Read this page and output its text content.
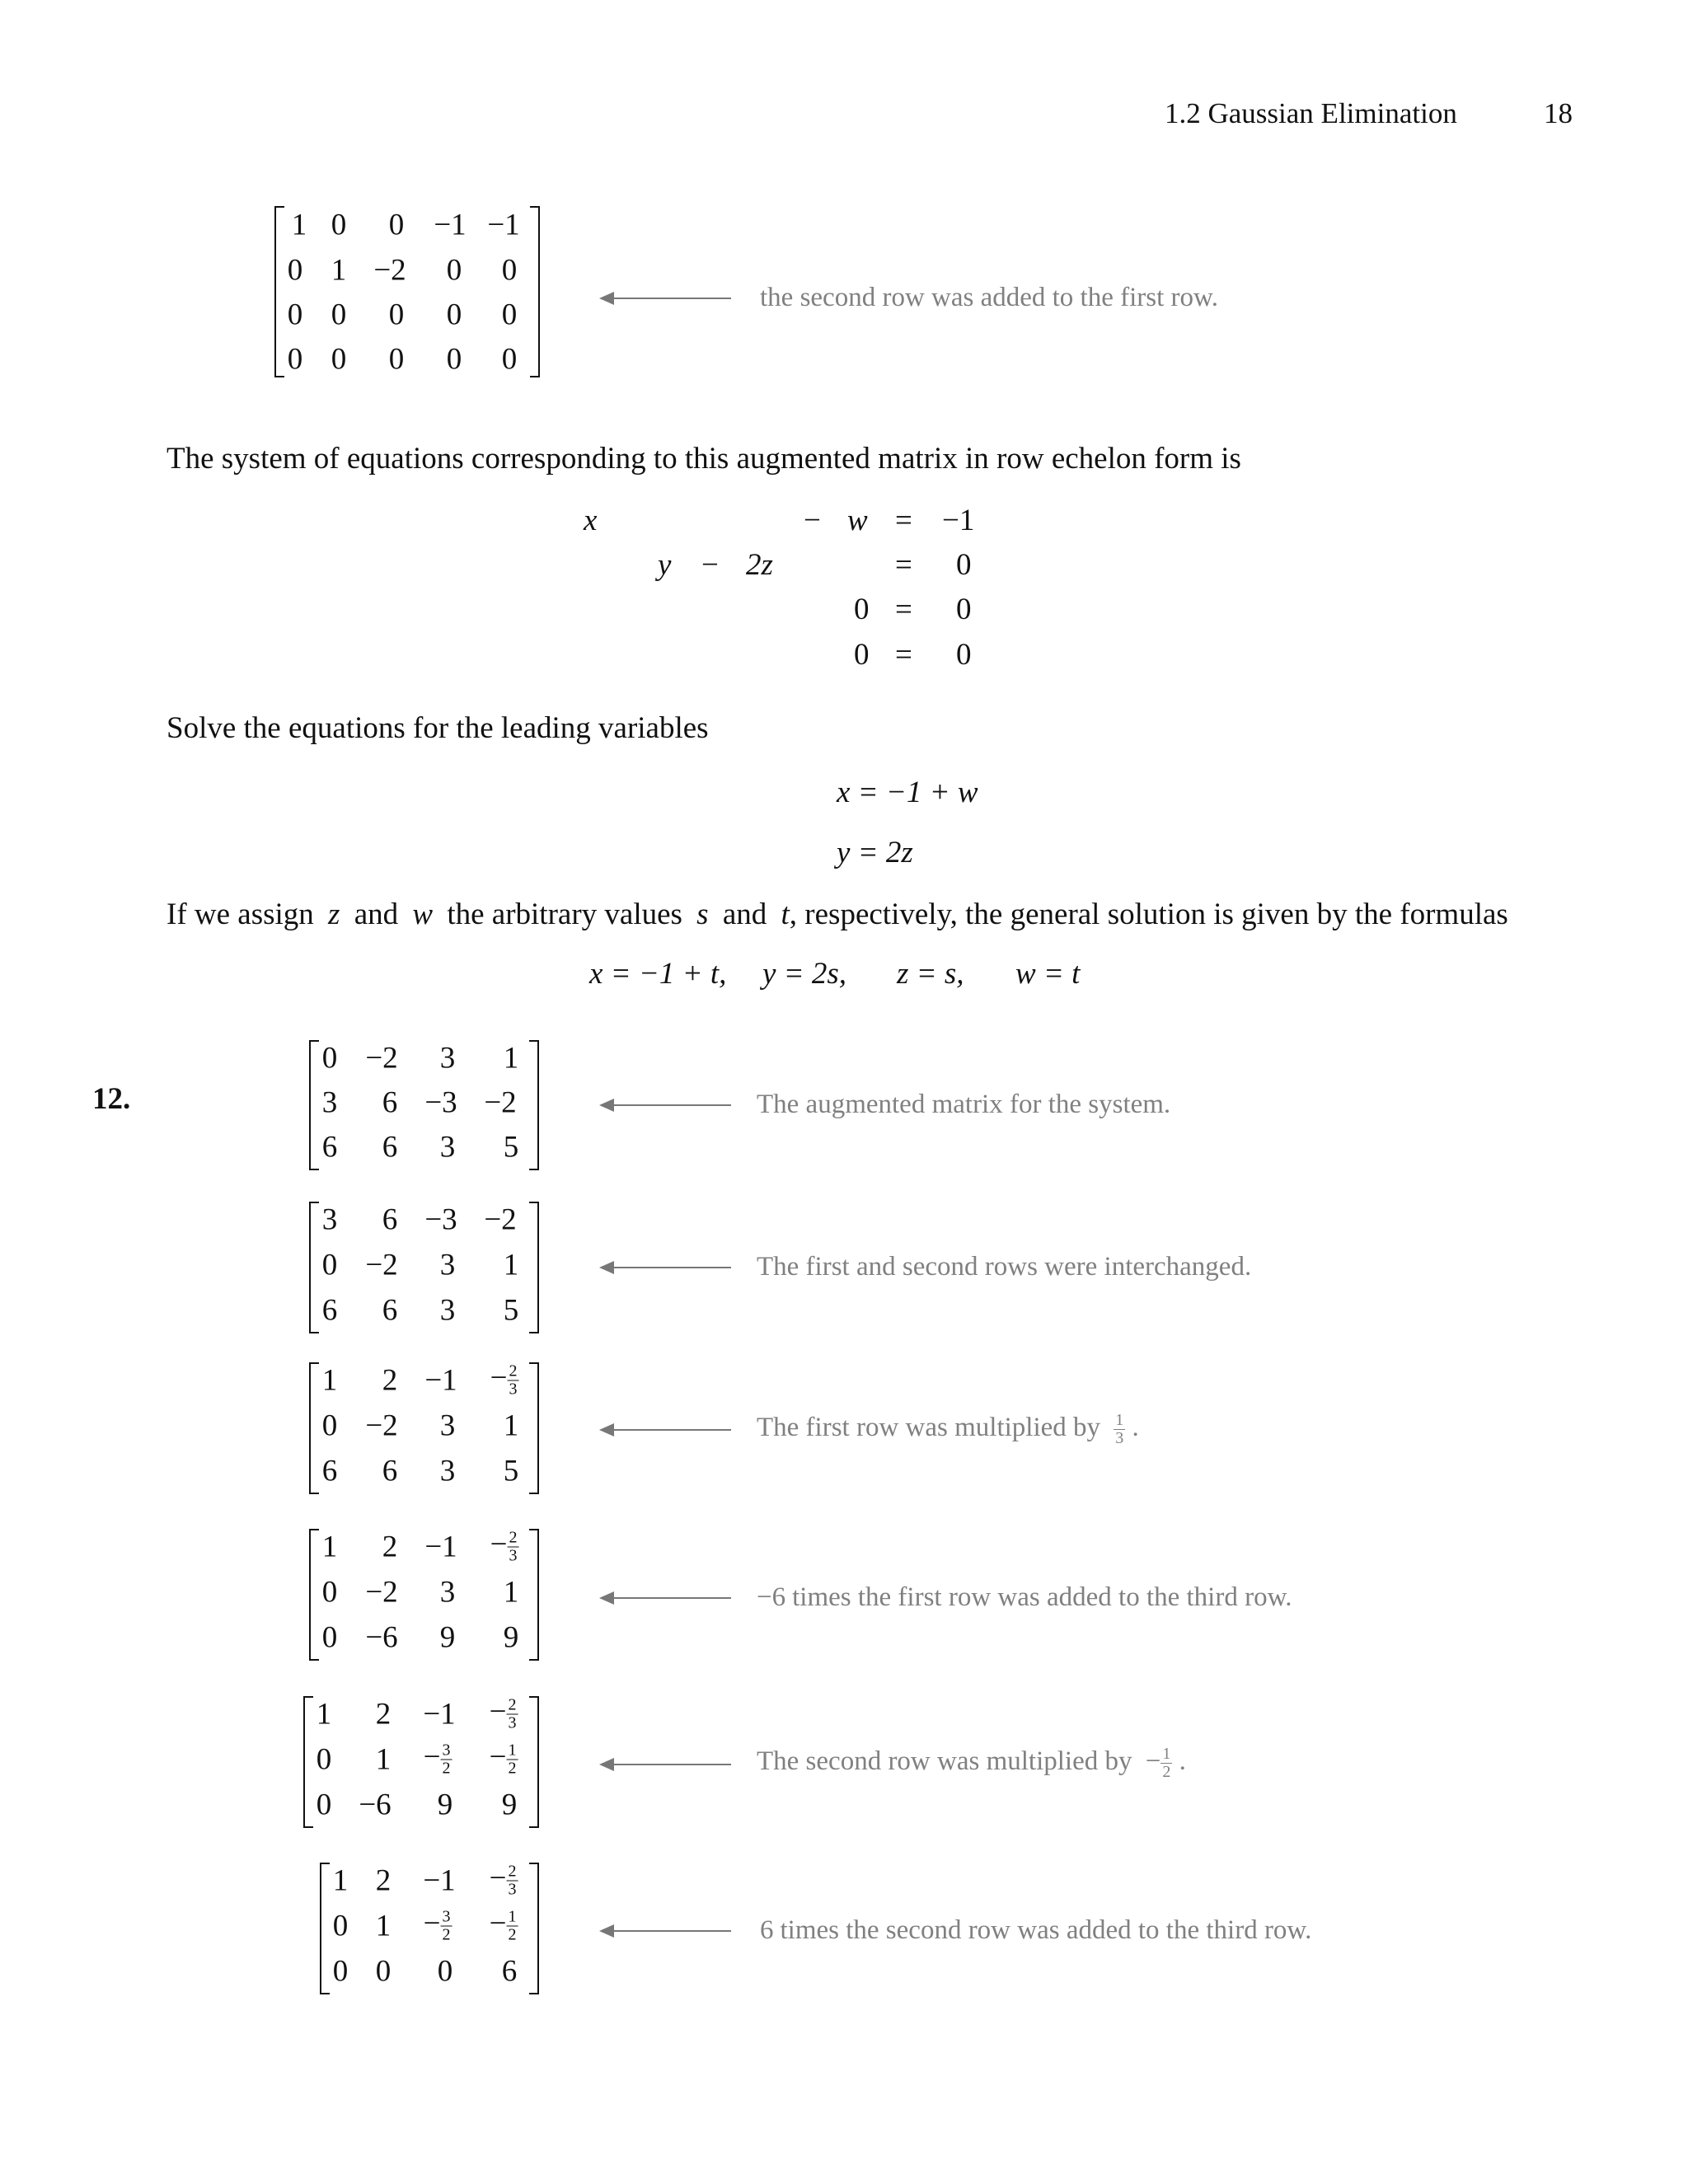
1.2 Gaussian Elimination	18
1 0 0 −1 −1
0 1 −2 0 0
0 0 0 0 0
0 0 0 0 0
the second row was added to the first row.
The system of equations corresponding to this augmented matrix in row echelon form is
x	− w = −1
y − 2z	= 0
0 = 0
0 = 0
Solve the equations for the leading variables
x = −1 + w
y = 2z
If we assign z and w the arbitrary values s and t, respectively, the general solution is given by the formulas
x = −1 + t, y = 2s, z = s, w = t
12.
0 −2 3 1
3 6 −3 −2
6 6 3 5
The augmented matrix for the system.
3 6 −3 −2
0 −2 3 1
6 6 3 5
The first and second rows were interchanged.
1 $2 -1 - \frac{2}{3}$
0 −2 3 1
6 6 3 5
The first row was multiplied by $\frac{1}{3}$ .
1 $2 -1 - \frac{2}{3}$
0 −2 3 1
0 −6 9 9
−6 times the first row was added to the third row.
1 $2 -1 - \frac{2}{3}$
0 $1 - \frac{3}{2} - \frac{1}{2}$
0 −6 9 9
The second row was multiplied by − $\frac{1}{2}$ .
1 $2 -1 - \frac{2}{3}$
0 $1 - \frac{3}{2} - \frac{1}{2}$
0 0 0 6
6 times the second row was added to the third row.
